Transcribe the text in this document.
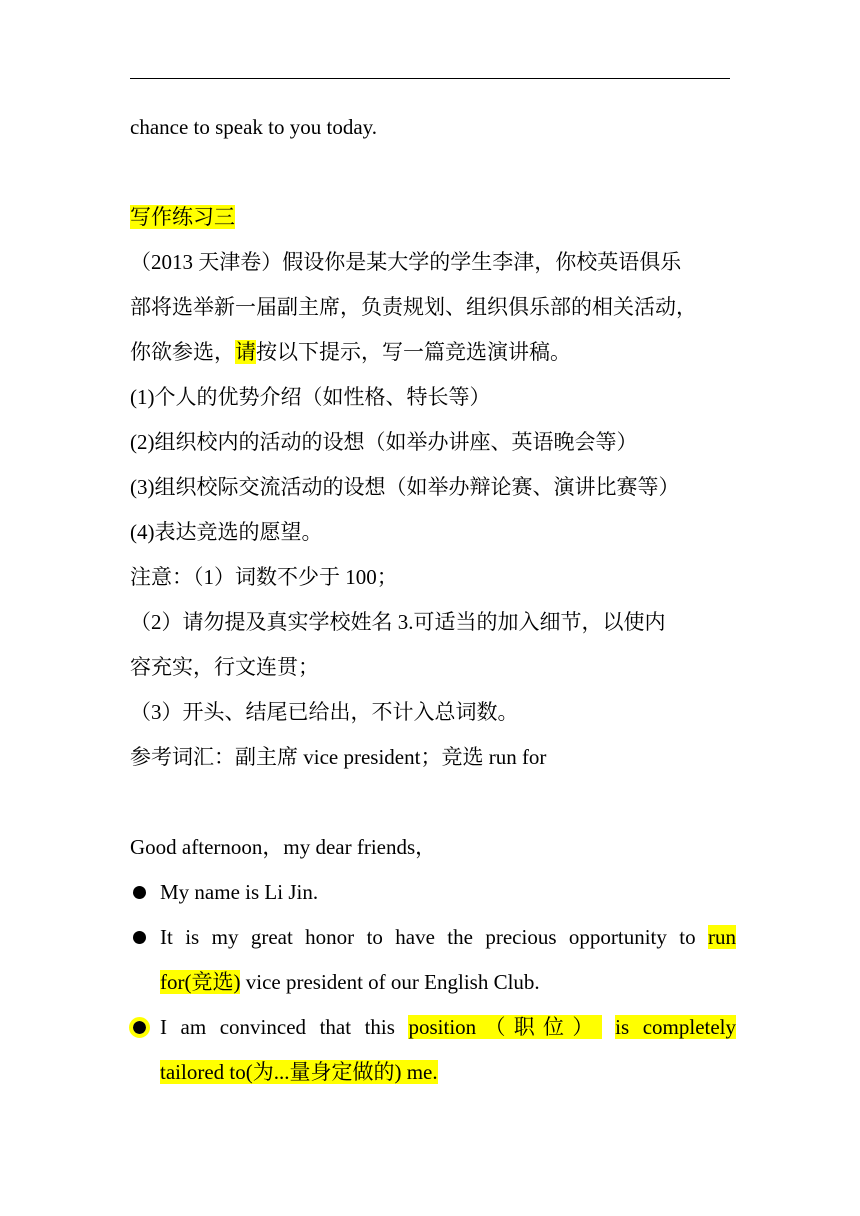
chance to speak to you today.
写作练习三
（2013 天津卷）假设你是某大学的学生李津，你校英语俱乐
部将选举新一届副主席，负责规划、组织俱乐部的相关活动，
你欲参选，请按以下提示，写一篇竞选演讲稿。
(1)个人的优势介绍（如性格、特长等）
(2)组织校内的活动的设想（如举办讲座、英语晚会等）
(3)组织校际交流活动的设想（如举办辩论赛、演讲比赛等）
(4)表达竞选的愿望。
注意：（1）词数不少于 100；
（2）请勿提及真实学校姓名 3.可适当的加入细节，以使内
容充实，行文连贯；
（3）开头、结尾已给出，不计入总词数。
参考词汇：副主席 vice president；竞选 run for
Good afternoon，my dear friends，
My name is Li Jin.
It is my great honor to have the precious opportunity to run
for(竞选) vice president of our English Club.
I am convinced that this position（职位） is completely
tailored to(为...量身定做的) me.
